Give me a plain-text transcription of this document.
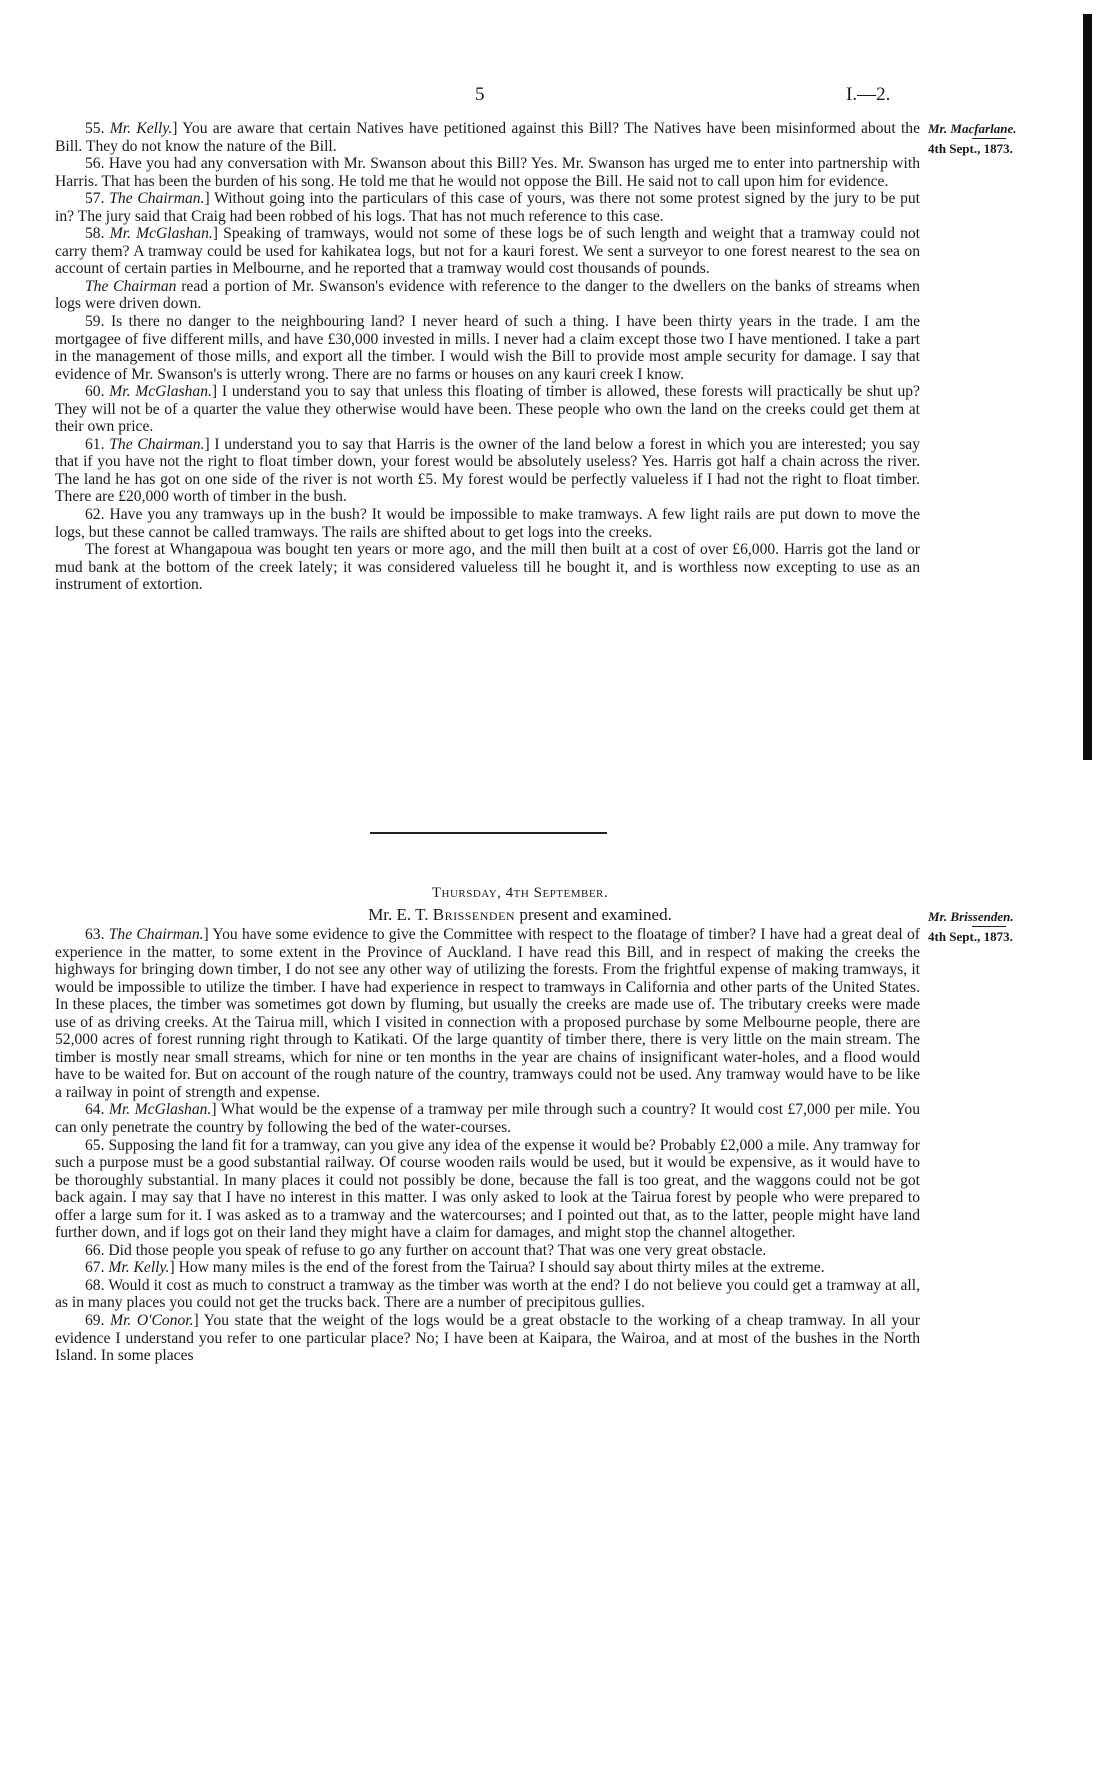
5	I.—2.
Mr. Macfarlane.
4th Sept., 1873.

55. Mr. Kelly.] You are aware that certain Natives have petitioned against this Bill? The Natives have been misinformed about the Bill. They do not know the nature of the Bill.

56. Have you had any conversation with Mr. Swanson about this Bill? Yes. Mr. Swanson has urged me to enter into partnership with Harris. That has been the burden of his song. He told me that he would not oppose the Bill. He said not to call upon him for evidence.

57. The Chairman.] Without going into the particulars of this case of yours, was there not some protest signed by the jury to be put in? The jury said that Craig had been robbed of his logs. That has not much reference to this case.

58. Mr. McGlashan.] Speaking of tramways, would not some of these logs be of such length and weight that a tramway could not carry them? A tramway could be used for kahikatea logs, but not for a kauri forest. We sent a surveyor to one forest nearest to the sea on account of certain parties in Melbourne, and he reported that a tramway would cost thousands of pounds.

The Chairman read a portion of Mr. Swanson's evidence with reference to the danger to the dwellers on the banks of streams when logs were driven down.

59. Is there no danger to the neighbouring land? I never heard of such a thing. I have been thirty years in the trade. I am the mortgagee of five different mills, and have £30,000 invested in mills. I never had a claim except those two I have mentioned. I take a part in the management of those mills, and export all the timber. I would wish the Bill to provide most ample security for damage. I say that evidence of Mr. Swanson's is utterly wrong. There are no farms or houses on any kauri creek I know.

60. Mr. McGlashan.] I understand you to say that unless this floating of timber is allowed, these forests will practically be shut up? They will not be of a quarter the value they otherwise would have been. These people who own the land on the creeks could get them at their own price.

61. The Chairman.] I understand you to say that Harris is the owner of the land below a forest in which you are interested; you say that if you have not the right to float timber down, your forest would be absolutely useless? Yes. Harris got half a chain across the river. The land he has got on one side of the river is not worth £5. My forest would be perfectly valueless if I had not the right to float timber. There are £20,000 worth of timber in the bush.

62. Have you any tramways up in the bush? It would be impossible to make tramways. A few light rails are put down to move the logs, but these cannot be called tramways. The rails are shifted about to get logs into the creeks.

The forest at Whangapoua was bought ten years or more ago, and the mill then built at a cost of over £6,000. Harris got the land or mud bank at the bottom of the creek lately; it was considered valueless till he bought it, and is worthless now excepting to use as an instrument of extortion.

Thursday, 4th September.
Mr. E. T. Brissenden present and examined.	Mr. Brissenden.
4th Sept., 1873.

63. The Chairman.] You have some evidence to give the Committee with respect to the floatage of timber? I have had a great deal of experience in the matter, to some extent in the Province of Auckland. I have read this Bill, and in respect of making the creeks the highways for bringing down timber, I do not see any other way of utilizing the forests. From the frightful expense of making tramways, it would be impossible to utilize the timber. I have had experience in respect to tramways in California and other parts of the United States. In these places, the timber was sometimes got down by fluming, but usually the creeks are made use of. The tributary creeks were made use of as driving creeks. At the Tairua mill, which I visited in connection with a proposed purchase by some Melbourne people, there are 52,000 acres of forest running right through to Katikati. Of the large quantity of timber there, there is very little on the main stream. The timber is mostly near small streams, which for nine or ten months in the year are chains of insignificant water-holes, and a flood would have to be waited for. But on account of the rough nature of the country, tramways could not be used. Any tramway would have to be like a railway in point of strength and expense.

64. Mr. McGlashan.] What would be the expense of a tramway per mile through such a country? It would cost £7,000 per mile. You can only penetrate the country by following the bed of the water-courses.

65. Supposing the land fit for a tramway, can you give any idea of the expense it would be? Probably £2,000 a mile. Any tramway for such a purpose must be a good substantial railway. Of course wooden rails would be used, but it would be expensive, as it would have to be thoroughly substantial. In many places it could not possibly be done, because the fall is too great, and the waggons could not be got back again. I may say that I have no interest in this matter. I was only asked to look at the Tairua forest by people who were prepared to offer a large sum for it. I was asked as to a tramway and the watercourses; and I pointed out that, as to the latter, people might have land further down, and if logs got on their land they might have a claim for damages, and might stop the channel altogether.

66. Did those people you speak of refuse to go any further on account that? That was one very great obstacle.

67. Mr. Kelly.] How many miles is the end of the forest from the Tairua? I should say about thirty miles at the extreme.

68. Would it cost as much to construct a tramway as the timber was worth at the end? I do not believe you could get a tramway at all, as in many places you could not get the trucks back. There are a number of precipitous gullies.

69. Mr. O'Conor.] You state that the weight of the logs would be a great obstacle to the working of a cheap tramway. In all your evidence I understand you refer to one particular place? No; I have been at Kaipara, the Wairoa, and at most of the bushes in the North Island. In some places
